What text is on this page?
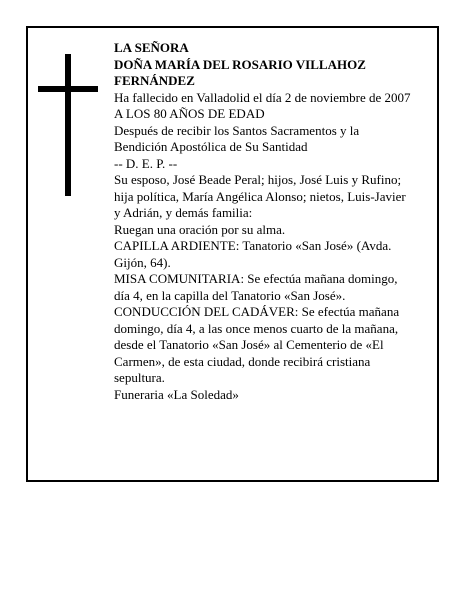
LA SEÑORA

DOÑA MARÍA DEL ROSARIO VILLAHOZ FERNÁNDEZ

Ha fallecido en Valladolid el día 2 de noviembre de 2007

A LOS 80 AÑOS DE EDAD

Después de recibir los Santos Sacramentos y la Bendición Apostólica de Su Santidad

-- D. E. P. --

Su esposo, José Beade Peral; hijos, José Luis y Rufino; hija política, María Angélica Alonso; nietos, Luis-Javier y Adrián, y demás familia:

Ruegan una oración por su alma.

CAPILLA ARDIENTE: Tanatorio «San José» (Avda. Gijón, 64).

MISA COMUNITARIA: Se efectúa mañana domingo, día 4, en la capilla del Tanatorio «San José».

CONDUCCIÓN DEL CADÁVER: Se efectúa mañana domingo, día 4, a las once menos cuarto de la mañana, desde el Tanatorio «San José» al Cementerio de «El Carmen», de esta ciudad, donde recibirá cristiana sepultura.

Funeraria «La Soledad»
